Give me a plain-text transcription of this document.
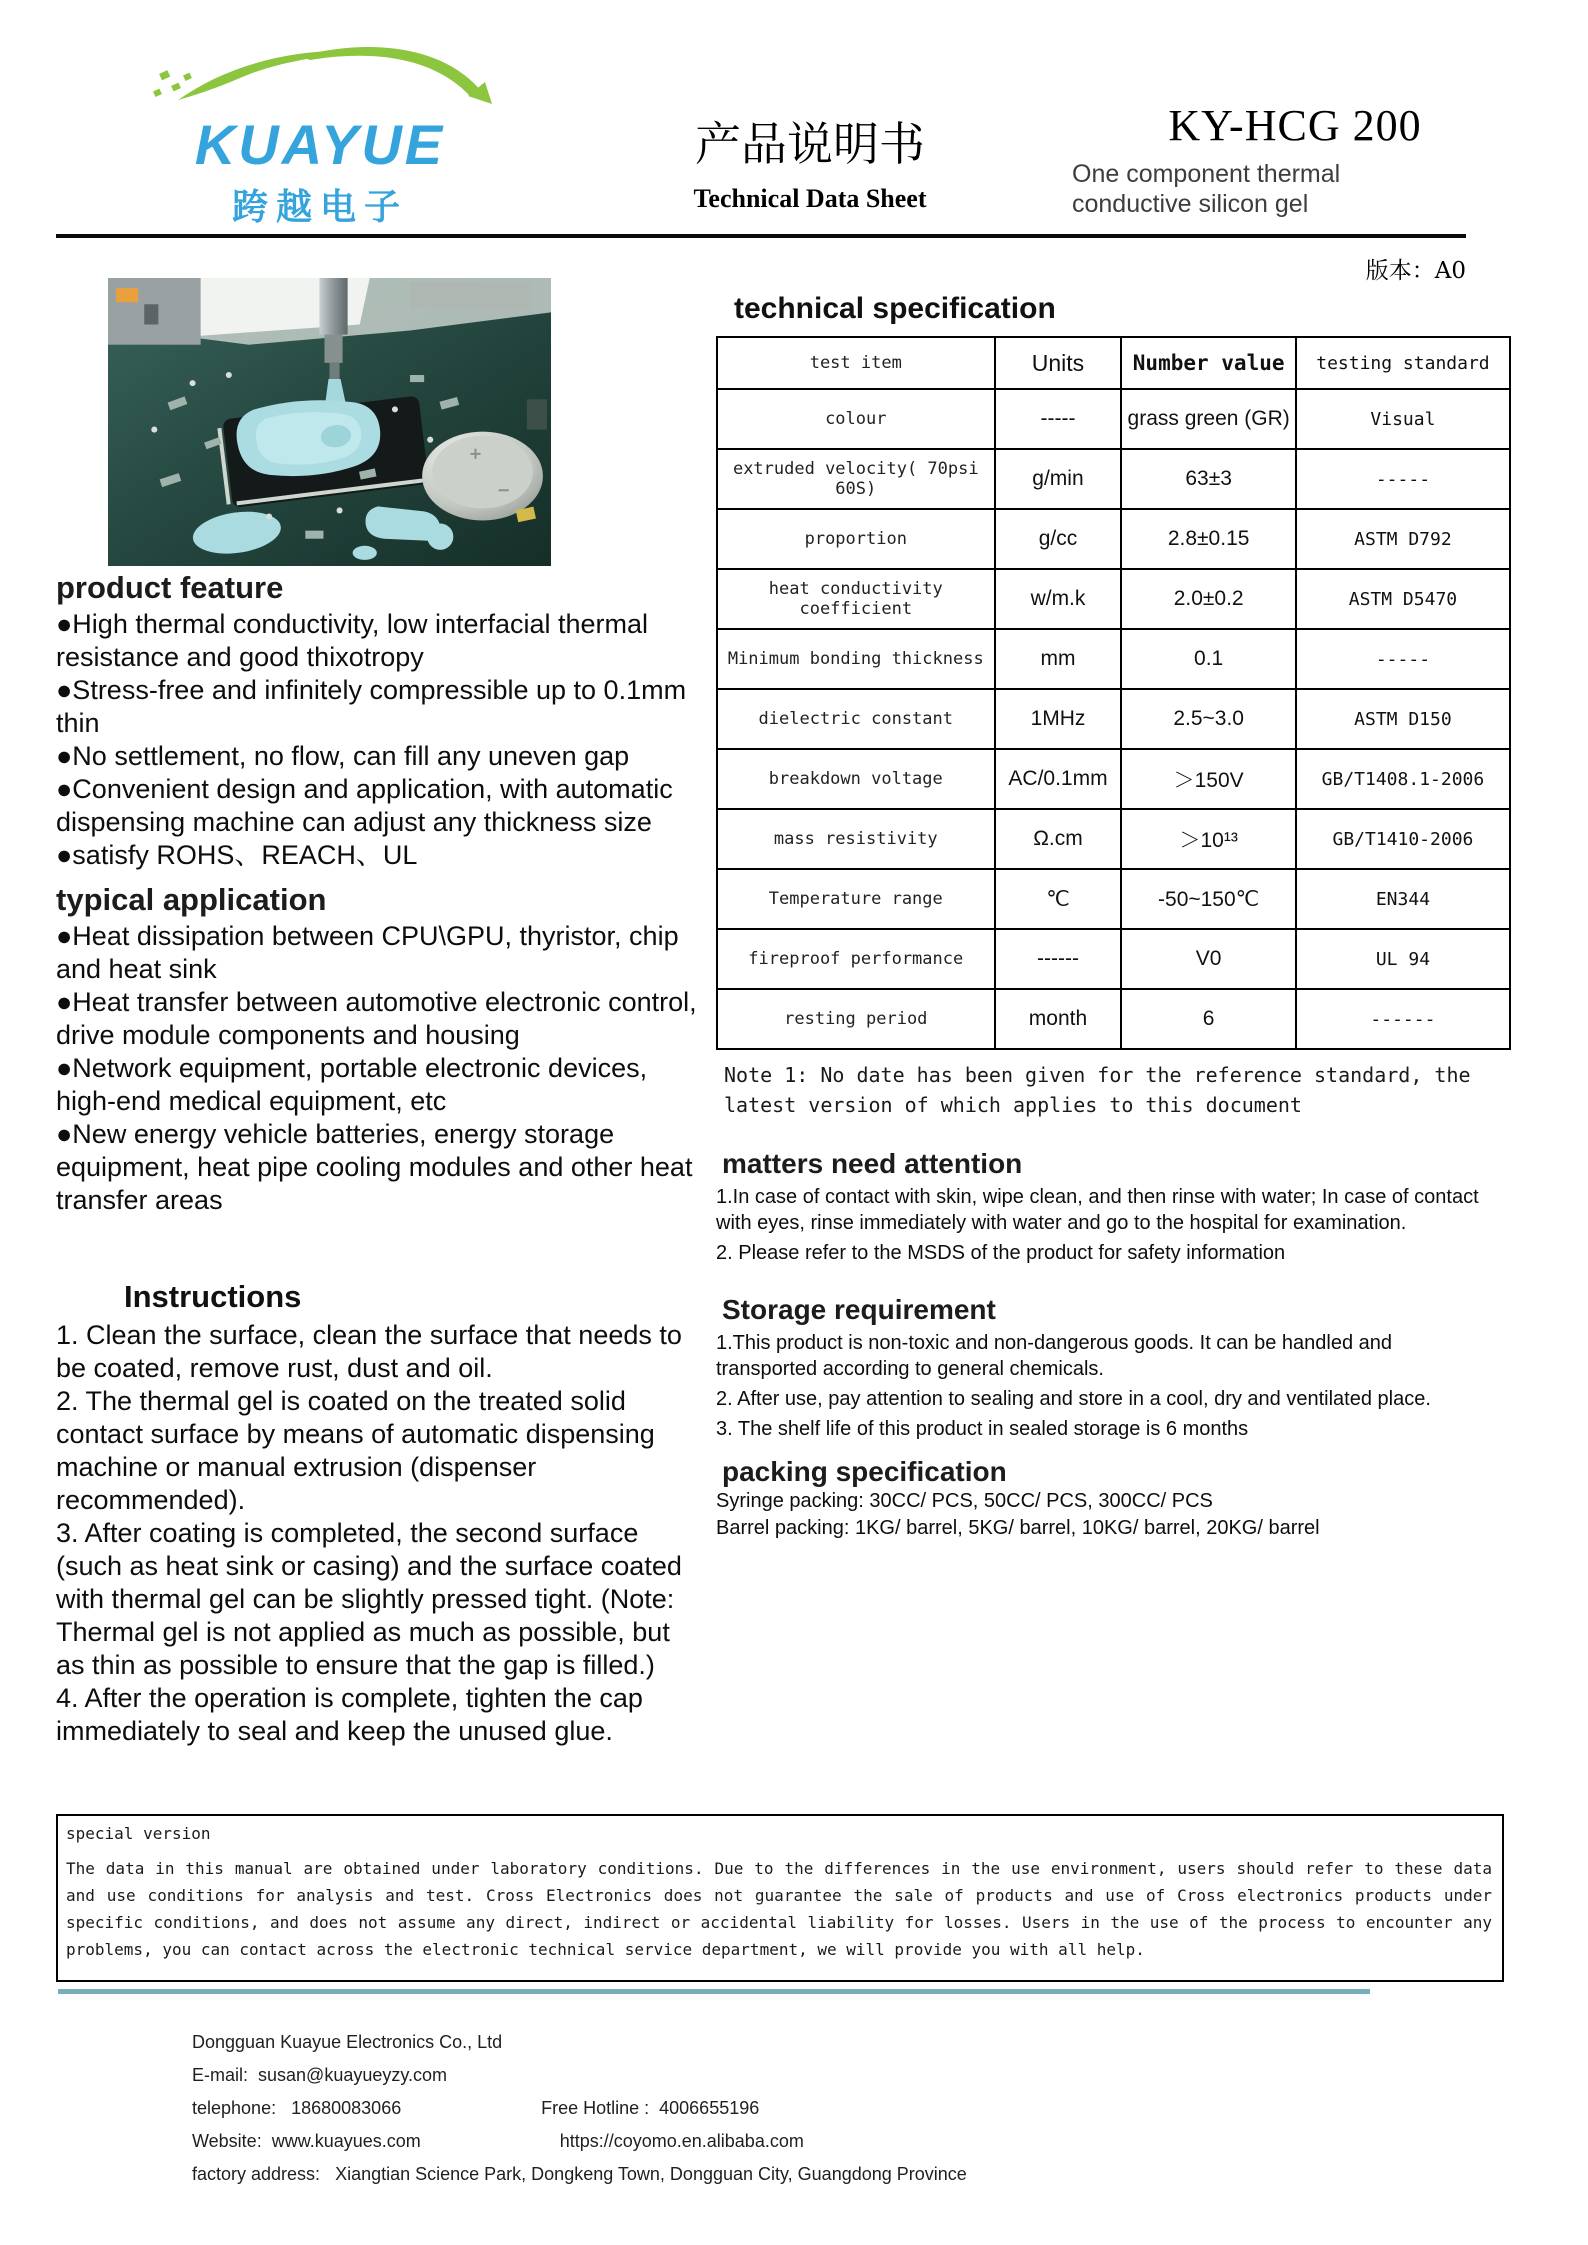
KUAYUE
跨越电子
产品说明书
Technical Data Sheet
KY-HCG 200
One component thermal
conductive silicon gel
版本：A0
product feature
●High thermal conductivity, low interfacial thermal resistance and good thixotropy
●Stress-free and infinitely compressible up to 0.1mm thin
●No settlement, no flow, can fill any uneven gap
●Convenient design and application, with automatic dispensing machine can adjust any thickness size
●satisfy ROHS、REACH、UL
typical application
●Heat dissipation between CPU\GPU, thyristor, chip and heat sink
●Heat transfer between automotive electronic control, drive module components and housing
●Network equipment, portable electronic devices, high-end medical equipment, etc
●New energy vehicle batteries, energy storage equipment, heat pipe cooling modules and other heat transfer areas
Instructions
1. Clean the surface, clean the surface that needs to be coated, remove rust, dust and oil.
2. The thermal gel is coated on the treated solid contact surface by means of automatic dispensing machine or manual extrusion (dispenser recommended).
3. After coating is completed, the second surface (such as heat sink or casing) and the surface coated with thermal gel can be slightly pressed tight. (Note: Thermal gel is not applied as much as possible, but as thin as possible to ensure that the gap is filled.)
4. After the operation is complete, tighten the cap immediately to seal and keep the unused glue.
technical specification
test item	Units	Number value	testing standard
colour	-----	grass green (GR)	Visual
extruded velocity( 70psi 60S)	g/min	63±3	-----
proportion	g/cc	2.8±0.15	ASTM D792
heat conductivity coefficient	w/m.k	2.0±0.2	ASTM D5470
Minimum bonding thickness	mm	0.1	-----
dielectric constant	1MHz	2.5~3.0	ASTM D150
breakdown voltage	AC/0.1mm	＞150V	GB/T1408.1-2006
mass resistivity	Ω.cm	＞10¹³	GB/T1410-2006
Temperature range	℃	-50~150℃	EN344
fireproof performance	------	V0	UL 94
resting period	month	6	------
Note 1: No date has been given for the reference standard, the latest version of which applies to this document
matters need attention
1.In case of contact with skin, wipe clean, and then rinse with water; In case of contact with eyes, rinse immediately with water and go to the hospital for examination.
2. Please refer to the MSDS of the product for safety information
Storage requirement
1.This product is non-toxic and non-dangerous goods. It can be handled and transported according to general chemicals.
2. After use, pay attention to sealing and store in a cool, dry and ventilated place.
3. The shelf life of this product in sealed storage is 6 months
packing specification
Syringe packing: 30CC/ PCS, 50CC/ PCS, 300CC/ PCS
Barrel packing: 1KG/ barrel, 5KG/ barrel, 10KG/ barrel, 20KG/ barrel
special version
The data in this manual are obtained under laboratory conditions. Due to the differences in the use environment, users should refer to these data and use conditions for analysis and test. Cross Electronics does not guarantee the sale of products and use of Cross electronics products under specific conditions, and does not assume any direct, indirect or accidental liability for losses. Users in the use of the process to encounter any problems, you can contact across the electronic technical service department, we will provide you with all help.
Dongguan Kuayue Electronics Co., Ltd
E-mail: susan@kuayueyzy.com
telephone: 18680083066	Free Hotline : 4006655196
Website: www.kuayues.com	https://coyomo.en.alibaba.com
factory address: Xiangtian Science Park, Dongkeng Town, Dongguan City, Guangdong Province
